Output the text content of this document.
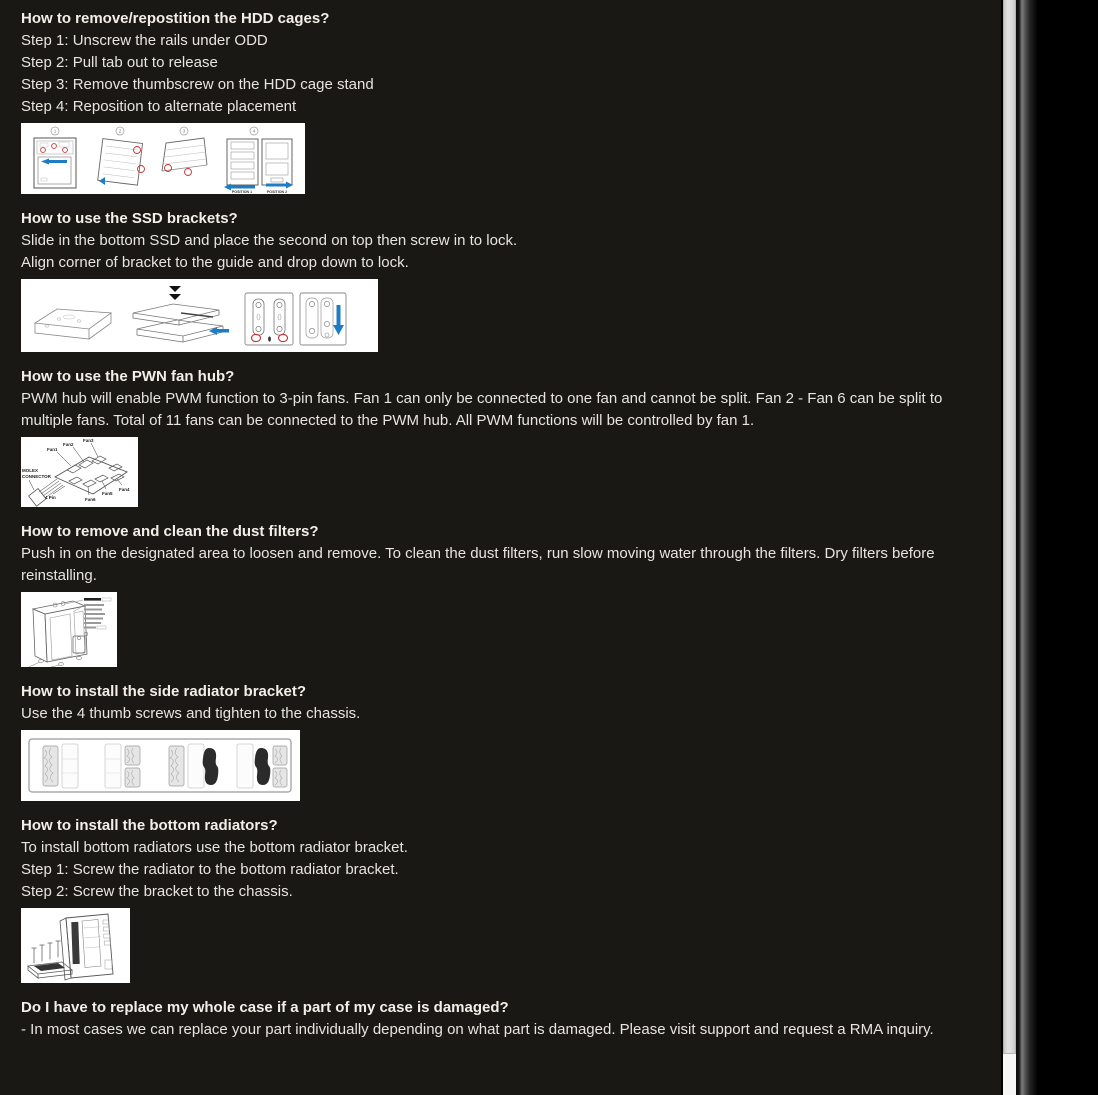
How to remove/repostition the HDD cages?

Step 1: Unscrew the rails under ODD

Step 2: Pull tab out to release

Step 3: Remove thumbscrew on the HDD cage stand

Step 4: Reposition to alternate placement

1	2	3	4
POSITION 1	POSITION 2
How to use the SSD brackets?

Slide in the bottom SSD and place the second on top then screw in to lock.

Align corner of bracket to the guide and drop down to lock.

How to use the PWN fan hub?

PWM hub will enable PWM function to 3-pin fans. Fan 1 can only be connected to one fan and cannot be split. Fan 2 - Fan 6 can be split to multiple fans. Total of 11 fans can be connected to the PWM hub. All PWM functions will be controlled by fan 1.

MOLEX
CONNECTOR
Fan1
Fan2
Fan3
Fan4
Fan5
Fan6
4 Pin
How to remove and clean the dust filters?

Push in on the designated area to loosen and remove. To clean the dust filters, run slow moving water through the filters. Dry filters before reinstalling.

How to install the side radiator bracket?

Use the 4 thumb screws and tighten to the chassis.

How to install the bottom radiators?

To install bottom radiators use the bottom radiator bracket.

Step 1: Screw the radiator to the bottom radiator bracket.

Step 2: Screw the bracket to the chassis.

Do I have to replace my whole case if a part of my case is damaged?

- In most cases we can replace your part individually depending on what part is damaged. Please visit support and request a RMA inquiry.
